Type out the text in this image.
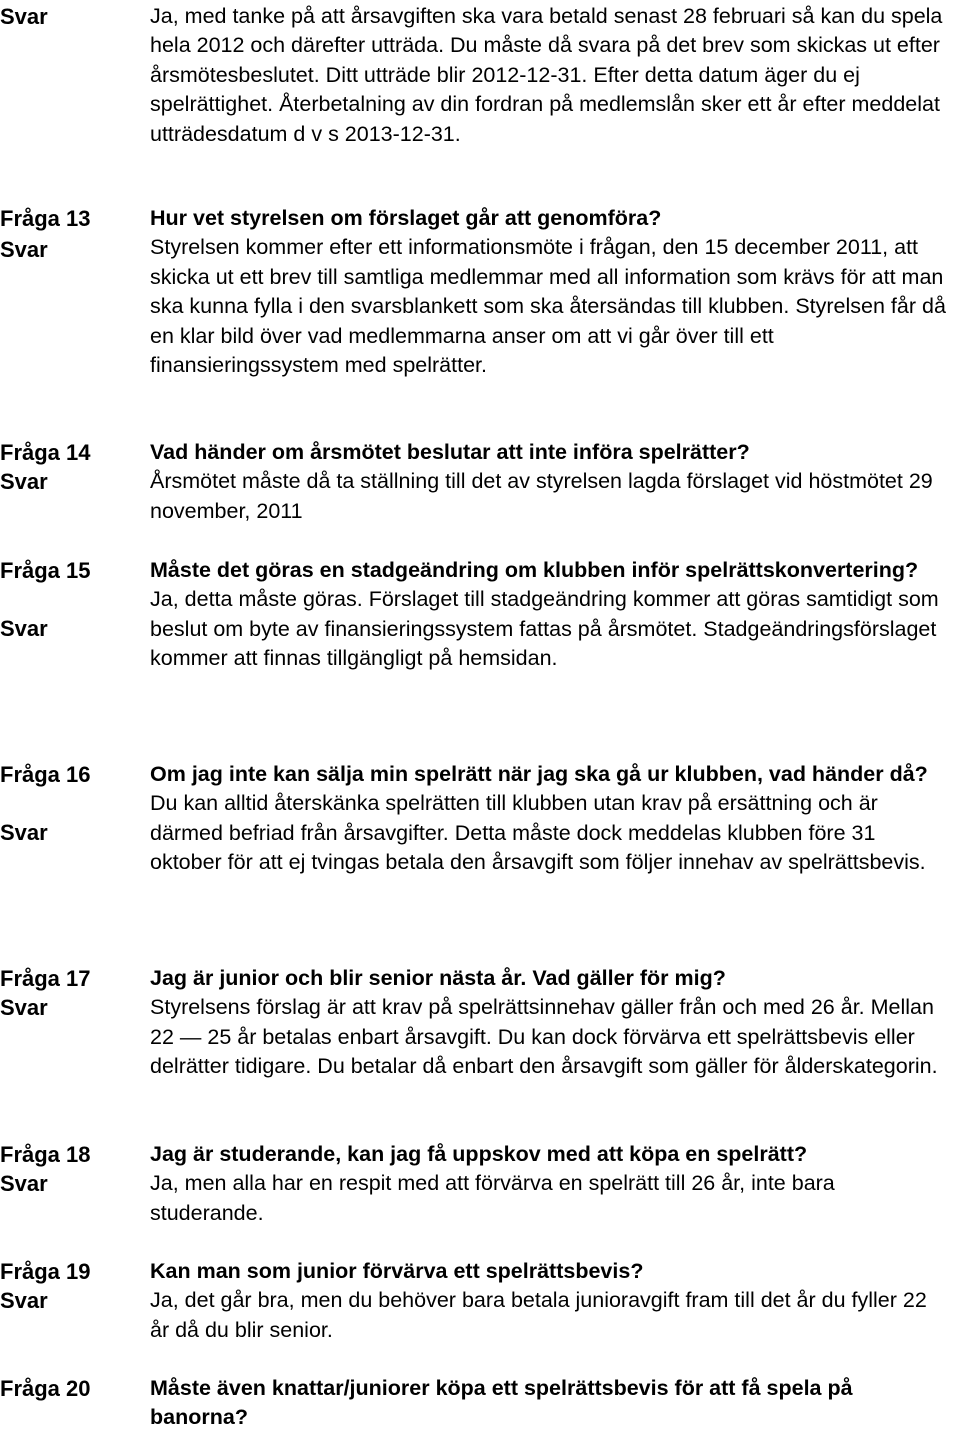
Svar	Ja, med tanke på att årsavgiften ska vara betald senast 28 februari så kan du spela hela 2012 och därefter utträda. Du måste då svara på det brev som skickas ut efter årsmötesbeslutet. Ditt utträde blir 2012-12-31. Efter detta datum äger du ej spelrättighet. Återbetalning av din fordran på medlemslån sker ett år efter meddelat utträdesdatum d v s 2013-12-31.
Fråga 13
Svar
Hur vet styrelsen om förslaget går att genomföra?
Styrelsen kommer efter ett informationsmöte i frågan, den 15 december 2011, att skicka ut ett brev till samtliga medlemmar med all information som krävs för att man ska kunna fylla i den svarsblankett som ska återsändas till klubben. Styrelsen får då en klar bild över vad medlemmarna anser om att vi går över till ett finansieringssystem med spelrätter.
Fråga 14
Svar
Vad händer om årsmötet beslutar att inte införa spelrätter?
Årsmötet måste då ta ställning till det av styrelsen lagda förslaget vid höstmötet 29 november, 2011
Fråga 15
Svar
Måste det göras en stadgeändring om klubben inför spelrättskonvertering?
Ja, detta måste göras. Förslaget till stadgeändring kommer att göras samtidigt som beslut om byte av finansieringssystem fattas på årsmötet. Stadgeändringsförslaget kommer att finnas tillgängligt på hemsidan.
Fråga 16
Svar
Om jag inte kan sälja min spelrätt när jag ska gå ur klubben, vad händer då?
Du kan alltid återskänka spelrätten till klubben utan krav på ersättning och är därmed befriad från årsavgifter. Detta måste dock meddelas klubben före 31 oktober för att ej tvingas betala den årsavgift som följer innehav av spelrättsbevis.
Fråga 17
Svar
Jag är junior och blir senior nästa år. Vad gäller för mig?
Styrelsens förslag är att krav på spelrättsinnehav gäller från och med 26 år. Mellan 22 — 25 år betalas enbart årsavgift. Du kan dock förvärva ett spelrättsbevis eller delrätter tidigare. Du betalar då enbart den årsavgift som gäller för ålderskategorin.
Fråga 18
Svar
Jag är studerande, kan jag få uppskov med att köpa en spelrätt?
Ja, men alla har en respit med att förvärva en spelrätt till 26 år, inte bara studerande.
Fråga 19
Svar
Kan man som junior förvärva ett spelrättsbevis?
Ja, det går bra, men du behöver bara betala junioravgift fram till det år du fyller 22 år då du blir senior.
Fråga 20	Måste även knattar/juniorer köpa ett spelrättsbevis för att få spela på banorna?
